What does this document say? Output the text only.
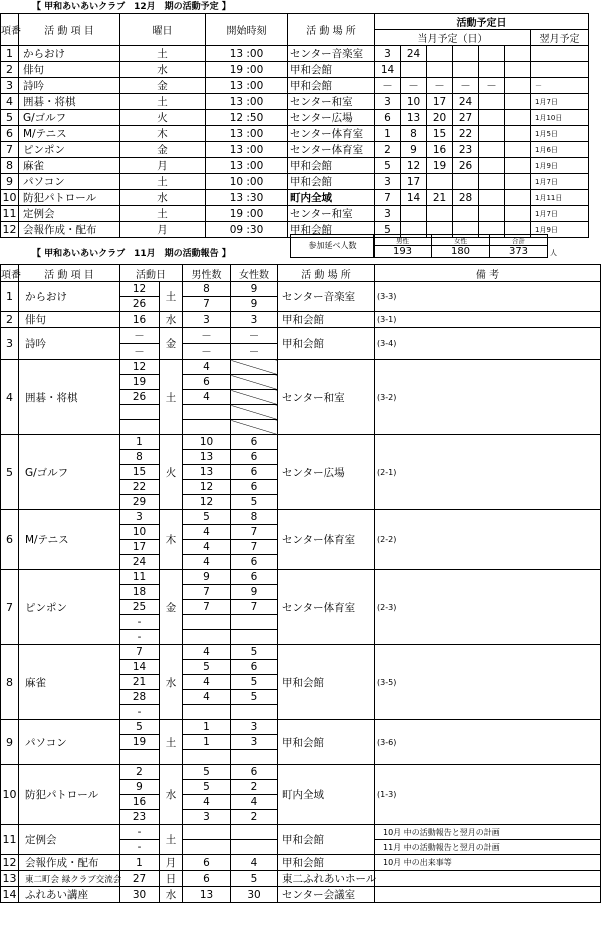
【 甲和あいあいクラブ　12月　期の活動予定 】
項番	活 動 項 目	曜日	開始時刻	活 動 場 所	活動予定日						
					当月予定（日）						翌月予定
1	からおけ	土	13 :00	センター音楽室	3	24					
2	俳句	水	19 :00	甲和会館	14						
3	詩吟	金	13 :00	甲和会館	－	－	－	－	－		－
4	囲碁・将棋	土	13 :00	センター和室	3	10	17	24			1月7日
5	G/ゴルフ	火	12 :50	センター広場	6	13	20	27			1月10日
6	M/テニス	木	13 :00	センター体育室	1	8	15	22			1月5日
7	ピンポン	金	13 :00	センター体育室	2	9	16	23			1月6日
8	麻雀	月	13 :00	甲和会館	5	12	19	26			1月9日
9	パソコン	土	10 :00	甲和会館	3	17					1月7日
10	防犯パトロール	水	13 :30	町内全域	7	14	21	28			1月11日
11	定例会	土	19 :00	センター和室	3						1月7日
12	会報作成・配布	月	09 :30	甲和会館	5						1月9日
参加延べ人数
男性	女性	合計
193	180	373	人
【 甲和あいあいクラブ　11月　期の活動報告 】
項番	活 動 項 目	活動日		男性数	女性数	活 動 場 所	備 考
1	からおけ	12	土	8	9	センター音楽室	(3-3)
		26		7	9		
2	俳句	16	水	3	3	甲和会館	(3-1)
3	詩吟	－	金	－	－	甲和会館	(3-4)
		－		－	－		
4	囲碁・将棋	12	土	4		センター和室	(3-2)
		19		6			
		26		4			

5	G/ゴルフ	1	火	10	6	センター広場	(2-1)
		8		13	6		
		15		13	6		
		22		12	6		
		29		12	5		
6	M/テニス	3	木	5	8	センター体育室	(2-2)
		10		4	7		
		17		4	7		
		24		4	6		
7	ピンポン	11	金	9	6	センター体育室	(2-3)
		18		7	9		
		25		7	7		
		-					
		-					
8	麻雀	7	水	4	5	甲和会館	(3-5)
		14		5	6		
		21		4	5		
		28		4	5		
		-					
9	パソコン	5	土	1	3	甲和会館	(3-6)
		19		1	3		

10	防犯パトロール	2	水	5	6	町内全域	(1-3)
		9		5	2		
		16		4	4		
		23		3	2		
11	定例会	-	土			甲和会館	10月 中の活動報告と翌月の計画
		-					11月 中の活動報告と翌月の計画
12	会報作成・配布	1	月	6	4	甲和会館	10月 中の出来事等
13	東二町会 緑クラブ交流会	27	日	6	5	東二ふれあいホール	
14	ふれあい講座	30	水	13	30	センター会議室	
